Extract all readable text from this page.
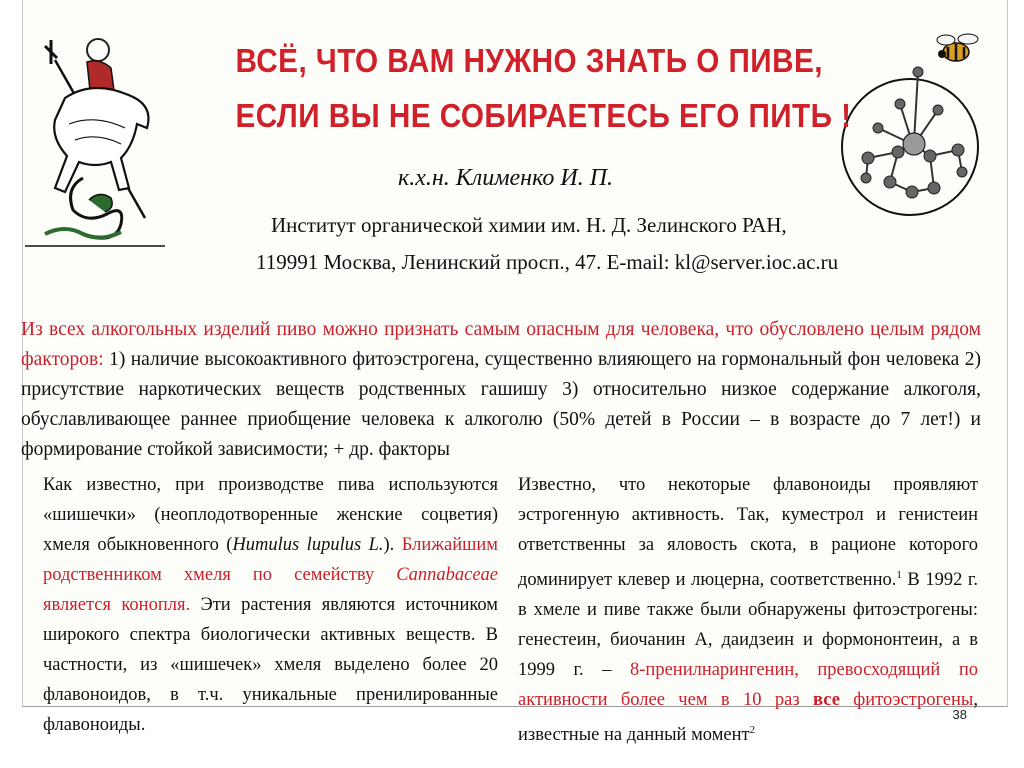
ВСЁ, ЧТО ВАМ НУЖНО ЗНАТЬ О ПИВЕ,
ЕСЛИ ВЫ НЕ СОБИРАЕТЕСЬ ЕГО ПИТЬ !
к.х.н. Клименко И. П.
Институт органической химии им. Н. Д. Зелинского РАН,
119991 Москва, Ленинский просп., 47. E-mail: kl@server.ioc.ac.ru
Из всех алкогольных изделий пиво можно признать самым опасным для человека, что обусловлено целым рядом факторов: 1) наличие высокоактивного фитоэстрогена, существенно влияющего на гормональный фон человека 2) присутствие наркотических веществ родственных гашишу 3) относительно низкое содержание алкоголя, обуславливающее раннее приобщение человека к алкоголю (50% детей в России – в возрасте до 7 лет!) и формирование стойкой зависимости; + др. факторы
Как известно, при производстве пива используются «шишечки» (неоплодотворенные женские соцветия) хмеля обыкновенного (Humulus lupulus L.). Ближайшим родственником хмеля по семейству Cannabaceae является конопля. Эти растения являются источником широкого спектра биологически активных веществ. В частности, из «шишечек» хмеля выделено более 20 флавоноидов, в т.ч. уникальные пренилированные флавоноиды.
Известно, что некоторые флавоноиды проявляют эстрогенную активность. Так, куместрол и генистеин ответственны за яловость скота, в рационе которого доминирует клевер и люцерна, соответственно.$^1$ В 1992 г. в хмеле и пиве также были обнаружены фитоэстрогены: генестеин, биочанин А, даидзеин и формононтеин, а в 1999 г. – 8-пренилнарингенин, превосходящий по активности более чем в 10 раз все фитоэстрогены, известные на данный момент$^2$
38
